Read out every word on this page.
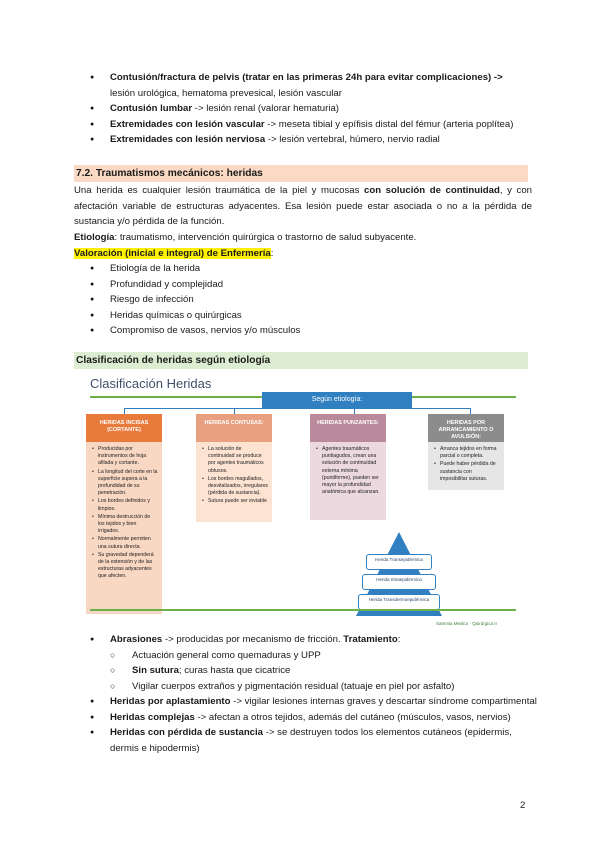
● Contusión/fractura de pelvis (tratar en las primeras 24h para evitar complicaciones) ->
lesión urológica, hematoma prevesical, lesión vascular
● Contusión lumbar -> lesión renal (valorar hematuria)
● Extremidades con lesión vascular -> meseta tibial y epífisis distal del fémur (arteria poplítea)
● Extremidades con lesión nerviosa -> lesión vertebral, húmero, nervio radial
7.2. Traumatismos mecánicos: heridas
Una herida es cualquier lesión traumática de la piel y mucosas con solución de continuidad, y con afectación variable de estructuras adyacentes. Esa lesión puede estar asociada o no a la pérdida de sustancia y/o pérdida de la función.
Etiología: traumatismo, intervención quirúrgica o trastorno de salud subyacente.
Valoración (inicial e integral) de Enfermería:
● Etiología de la herida
● Profundidad y complejidad
● Riesgo de infección
● Heridas químicas o quirúrgicas
● Compromiso de vasos, nervios y/o músculos
Clasificación de heridas según etiología
Clasificación Heridas
Según etiología:
HERIDAS INCISAS (CORTANTE)
• Producidas por instrumentos de hoja afilada y cortante.
• La longitud del corte en la superficie supera a la profundidad de su penetración.
• Los bordes definidos y limpios.
• Mínima destrucción de los tejidos y bien irrigados.
• Normalmente permiten una sutura directa.
• Su gravedad dependerá de la extensión y de las estructuras adyacentes que afecten.
HERIDAS CONTUSAS:
• La solución de continuidad se produce por agentes traumáticos obtusos.
• Los bordes magullados, desvitalizados, irregulares (pérdida de sustancia).
• Sutura puede ser inviable
HERIDAS PUNZANTES:
• Agentes traumáticos puntiagudos, crean una solución de continuidad externa mínima (puntiforme), pueden ser mayor la profundidad anatómica que alcanzan.
HERIDAS POR ARRANCAMIENTO O AVULSIÓN:
• Arranca tejidos en forma parcial o completa.
• Puede haber pérdida de sustancia con imposibilitar suturas.
Herida Transepidérmica
Herida Intraepidérmica
Herida Transdermoepidérmica
Sammia Medico · Quirúrgica II
● Abrasiones -> producidas por mecanismo de fricción. Tratamiento:
○ Actuación general como quemaduras y UPP
○ Sin sutura; curas hasta que cicatrice
○ Vigilar cuerpos extraños y pigmentación residual (tatuaje en piel por asfalto)
● Heridas por aplastamiento -> vigilar lesiones internas graves y descartar síndrome compartimental
● Heridas complejas -> afectan a otros tejidos, además del cutáneo (músculos, vasos, nervios)
● Heridas con pérdida de sustancia -> se destruyen todos los elementos cutáneos (epidermis, dermis e hipodermis)
2
